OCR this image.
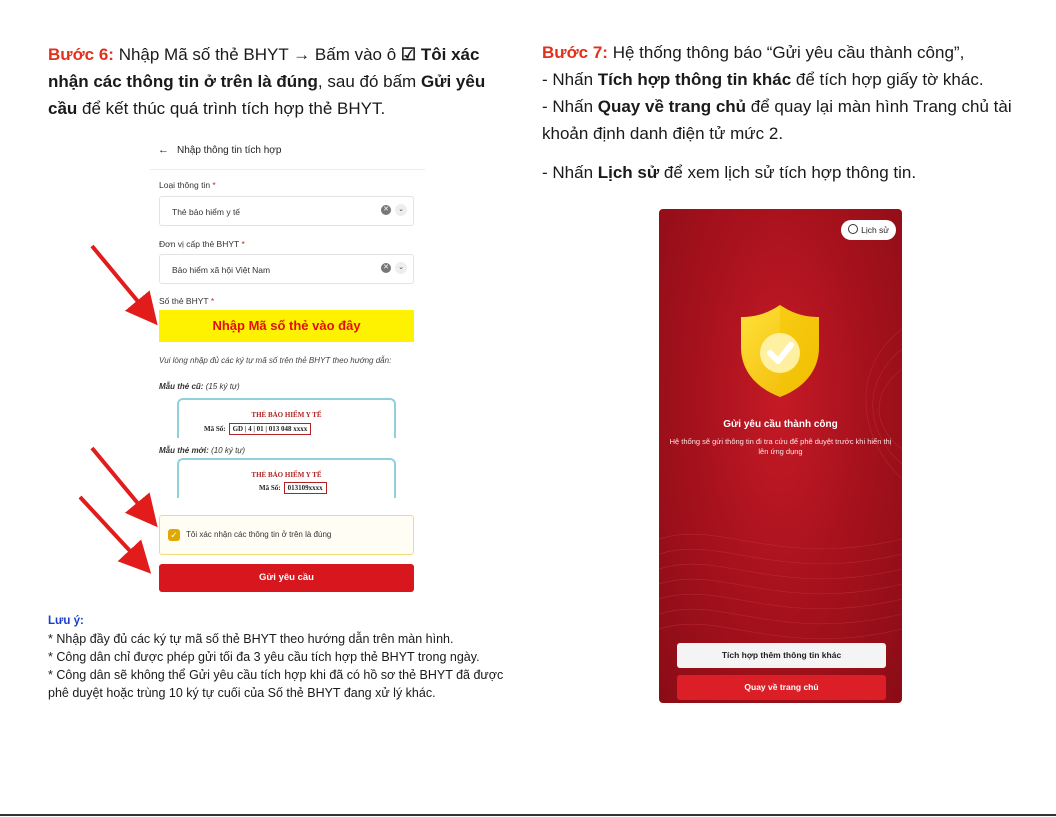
Bước 6: Nhập Mã số thẻ BHYT → Bấm vào ô ☑ Tôi xác nhận các thông tin ở trên là đúng, sau đó bấm Gửi yêu cầu để kết thúc quá trình tích hợp thẻ BHYT.
← Nhập thông tin tích hợp
Loại thông tin *
Thẻ bảo hiểm y tế	✕	⌄
Đơn vị cấp thẻ BHYT *
Bảo hiểm xã hội Việt Nam	✕	⌄
Số thẻ BHYT *
Nhập Mã số thẻ vào đây
Vui lòng nhập đủ các ký tự mã số trên thẻ BHYT theo hướng dẫn:
Mẫu thẻ cũ: (15 ký tự)
THẺ BẢO HIỂM Y TẾ
Mã Số: GD | 4 | 01 | 013 048 xxxx
Mẫu thẻ mới: (10 ký tự)
THẺ BẢO HIỂM Y TẾ
Mã Số: 013109xxxx
✓ Tôi xác nhận các thông tin ở trên là đúng
Gửi yêu cầu
Lưu ý:
* Nhập đầy đủ các ký tự mã số thẻ BHYT theo hướng dẫn trên màn hình.
* Công dân chỉ được phép gửi tối đa 3 yêu cầu tích hợp thẻ BHYT trong ngày.
* Công dân sẽ không thể Gửi yêu cầu tích hợp khi đã có hồ sơ thẻ BHYT đã được phê duyệt hoặc trùng 10 ký tự cuối của Số thẻ BHYT đang xử lý khác.
Bước 7: Hệ thống thông báo “Gửi yêu cầu thành công”,
- Nhấn Tích hợp thông tin khác để tích hợp giấy tờ khác.
- Nhấn Quay về trang chủ để quay lại màn hình Trang chủ tài khoản định danh điện tử mức 2.
- Nhấn Lịch sử để xem lịch sử tích hợp thông tin.
Lịch sử
Gửi yêu cầu thành công
Hệ thống sẽ gửi thông tin đi tra cứu để phê duyệt trước khi hiển thị lên ứng dụng
Tích hợp thêm thông tin khác
Quay về trang chủ
